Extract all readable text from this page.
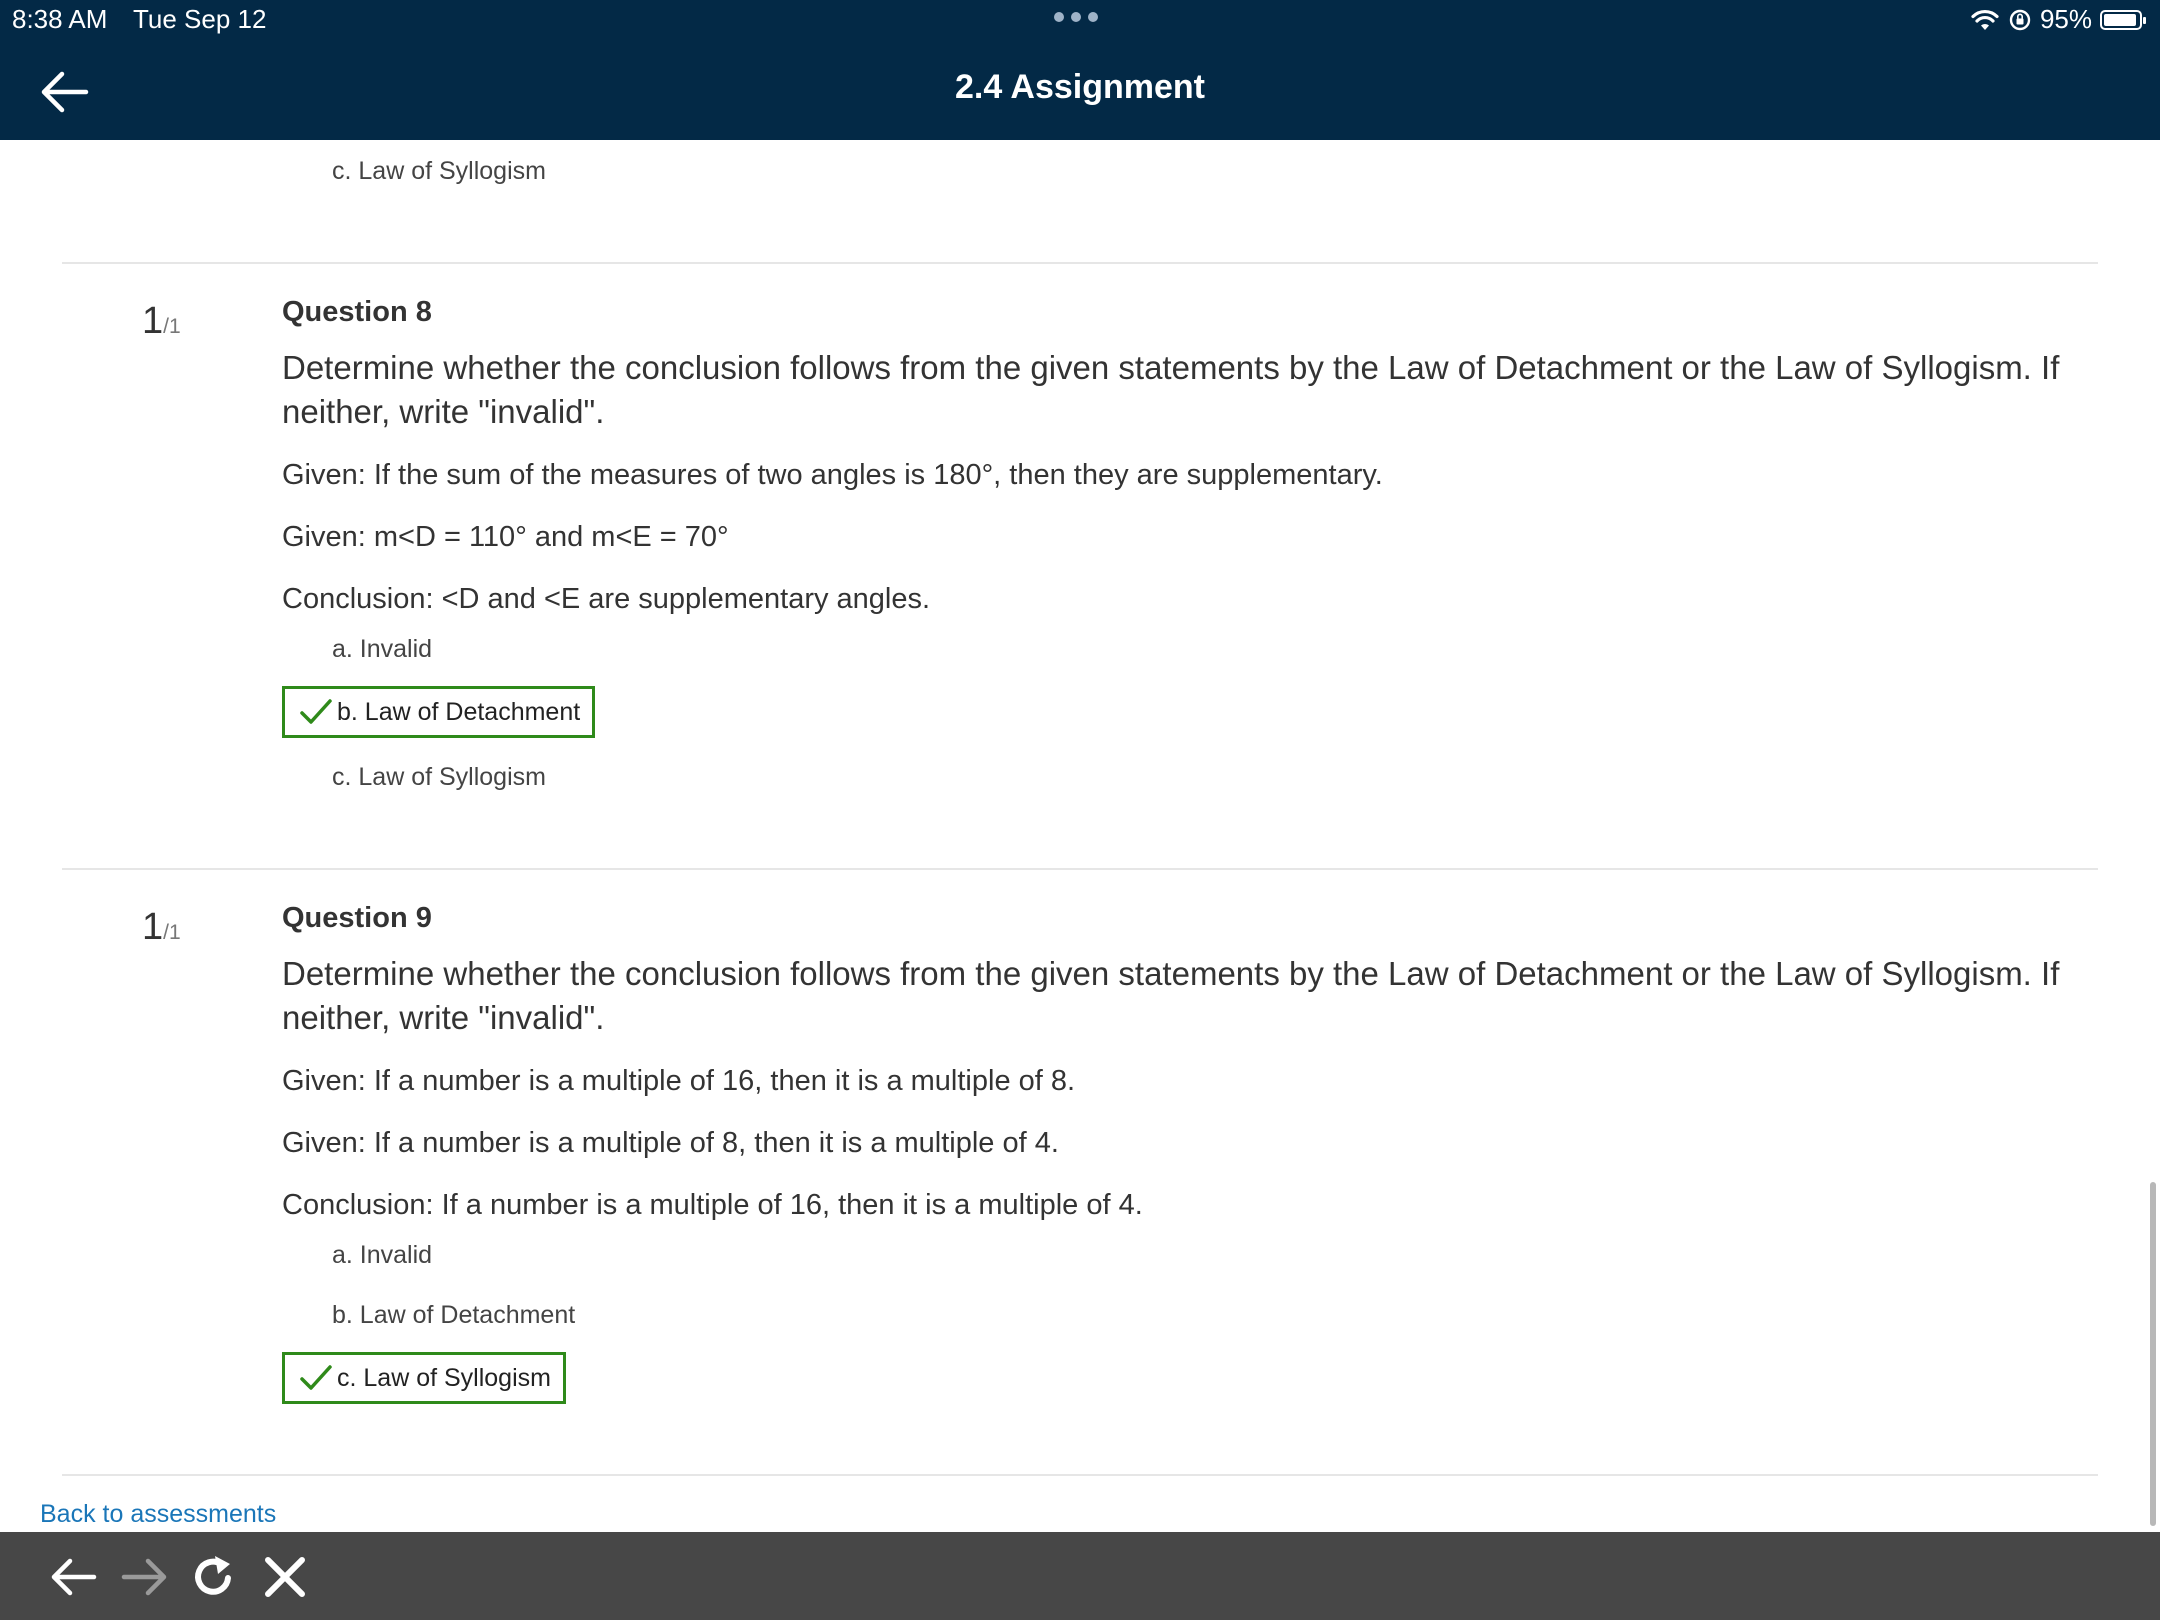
8:38 AM Tue Sep 12	95%
2.4 Assignment
c. Law of Syllogism
1/1	Question 8
Determine whether the conclusion follows from the given statements by the Law of Detachment or the Law of Syllogism. If neither, write "invalid".
Given: If the sum of the measures of two angles is 180°, then they are supplementary.
Given: m<D = 110° and m<E = 70°
Conclusion: <D and <E are supplementary angles.
a. Invalid
b. Law of Detachment
c. Law of Syllogism
1/1	Question 9
Determine whether the conclusion follows from the given statements by the Law of Detachment or the Law of Syllogism. If neither, write "invalid".
Given: If a number is a multiple of 16, then it is a multiple of 8.
Given: If a number is a multiple of 8, then it is a multiple of 4.
Conclusion: If a number is a multiple of 16, then it is a multiple of 4.
a. Invalid
b. Law of Detachment
c. Law of Syllogism
Back to assessments
